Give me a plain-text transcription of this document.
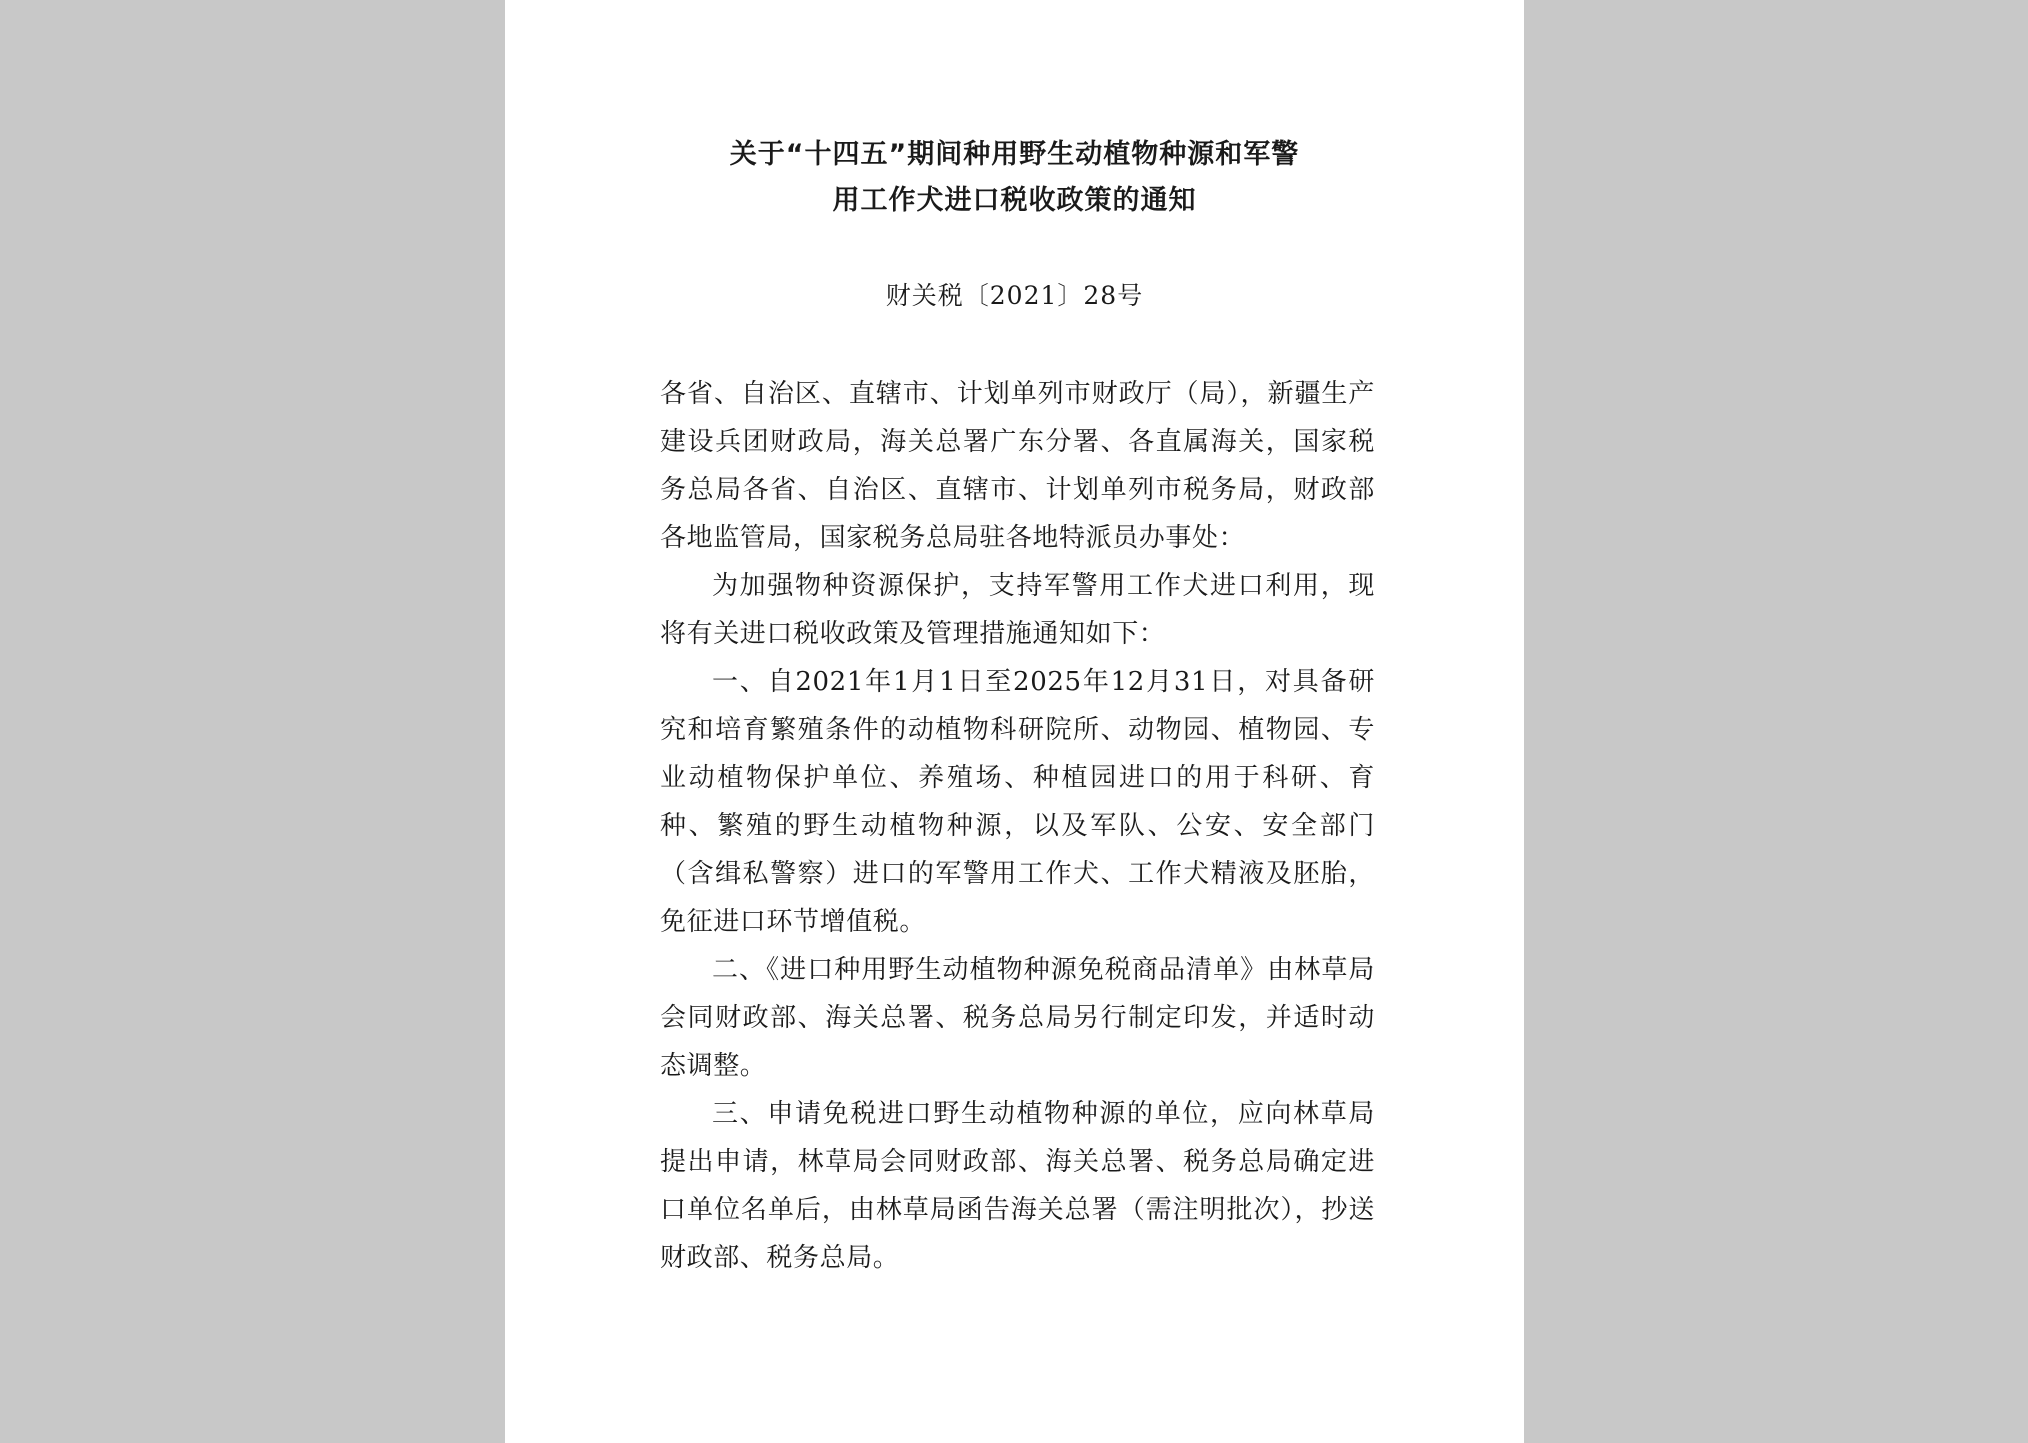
关于“十四五”期间种用野生动植物种源和军警
用工作犬进口税收政策的通知
财关税〔2021〕28号

各省、自治区、直辖市、计划单列市财政厅（局），新疆生产建设兵团财政局，海关总署广东分署、各直属海关，国家税务总局各省、自治区、直辖市、计划单列市税务局，财政部各地监管局，国家税务总局驻各地特派员办事处：

为加强物种资源保护，支持军警用工作犬进口利用，现将有关进口税收政策及管理措施通知如下：

一、自2021年1月1日至2025年12月31日，对具备研究和培育繁殖条件的动植物科研院所、动物园、植物园、专业动植物保护单位、养殖场、种植园进口的用于科研、育种、繁殖的野生动植物种源，以及军队、公安、安全部门（含缉私警察）进口的军警用工作犬、工作犬精液及胚胎，免征进口环节增值税。

二、《进口种用野生动植物种源免税商品清单》由林草局会同财政部、海关总署、税务总局另行制定印发，并适时动态调整。

三、申请免税进口野生动植物种源的单位，应向林草局提出申请，林草局会同财政部、海关总署、税务总局确定进口单位名单后，由林草局函告海关总署（需注明批次），抄送财政部、税务总局。
